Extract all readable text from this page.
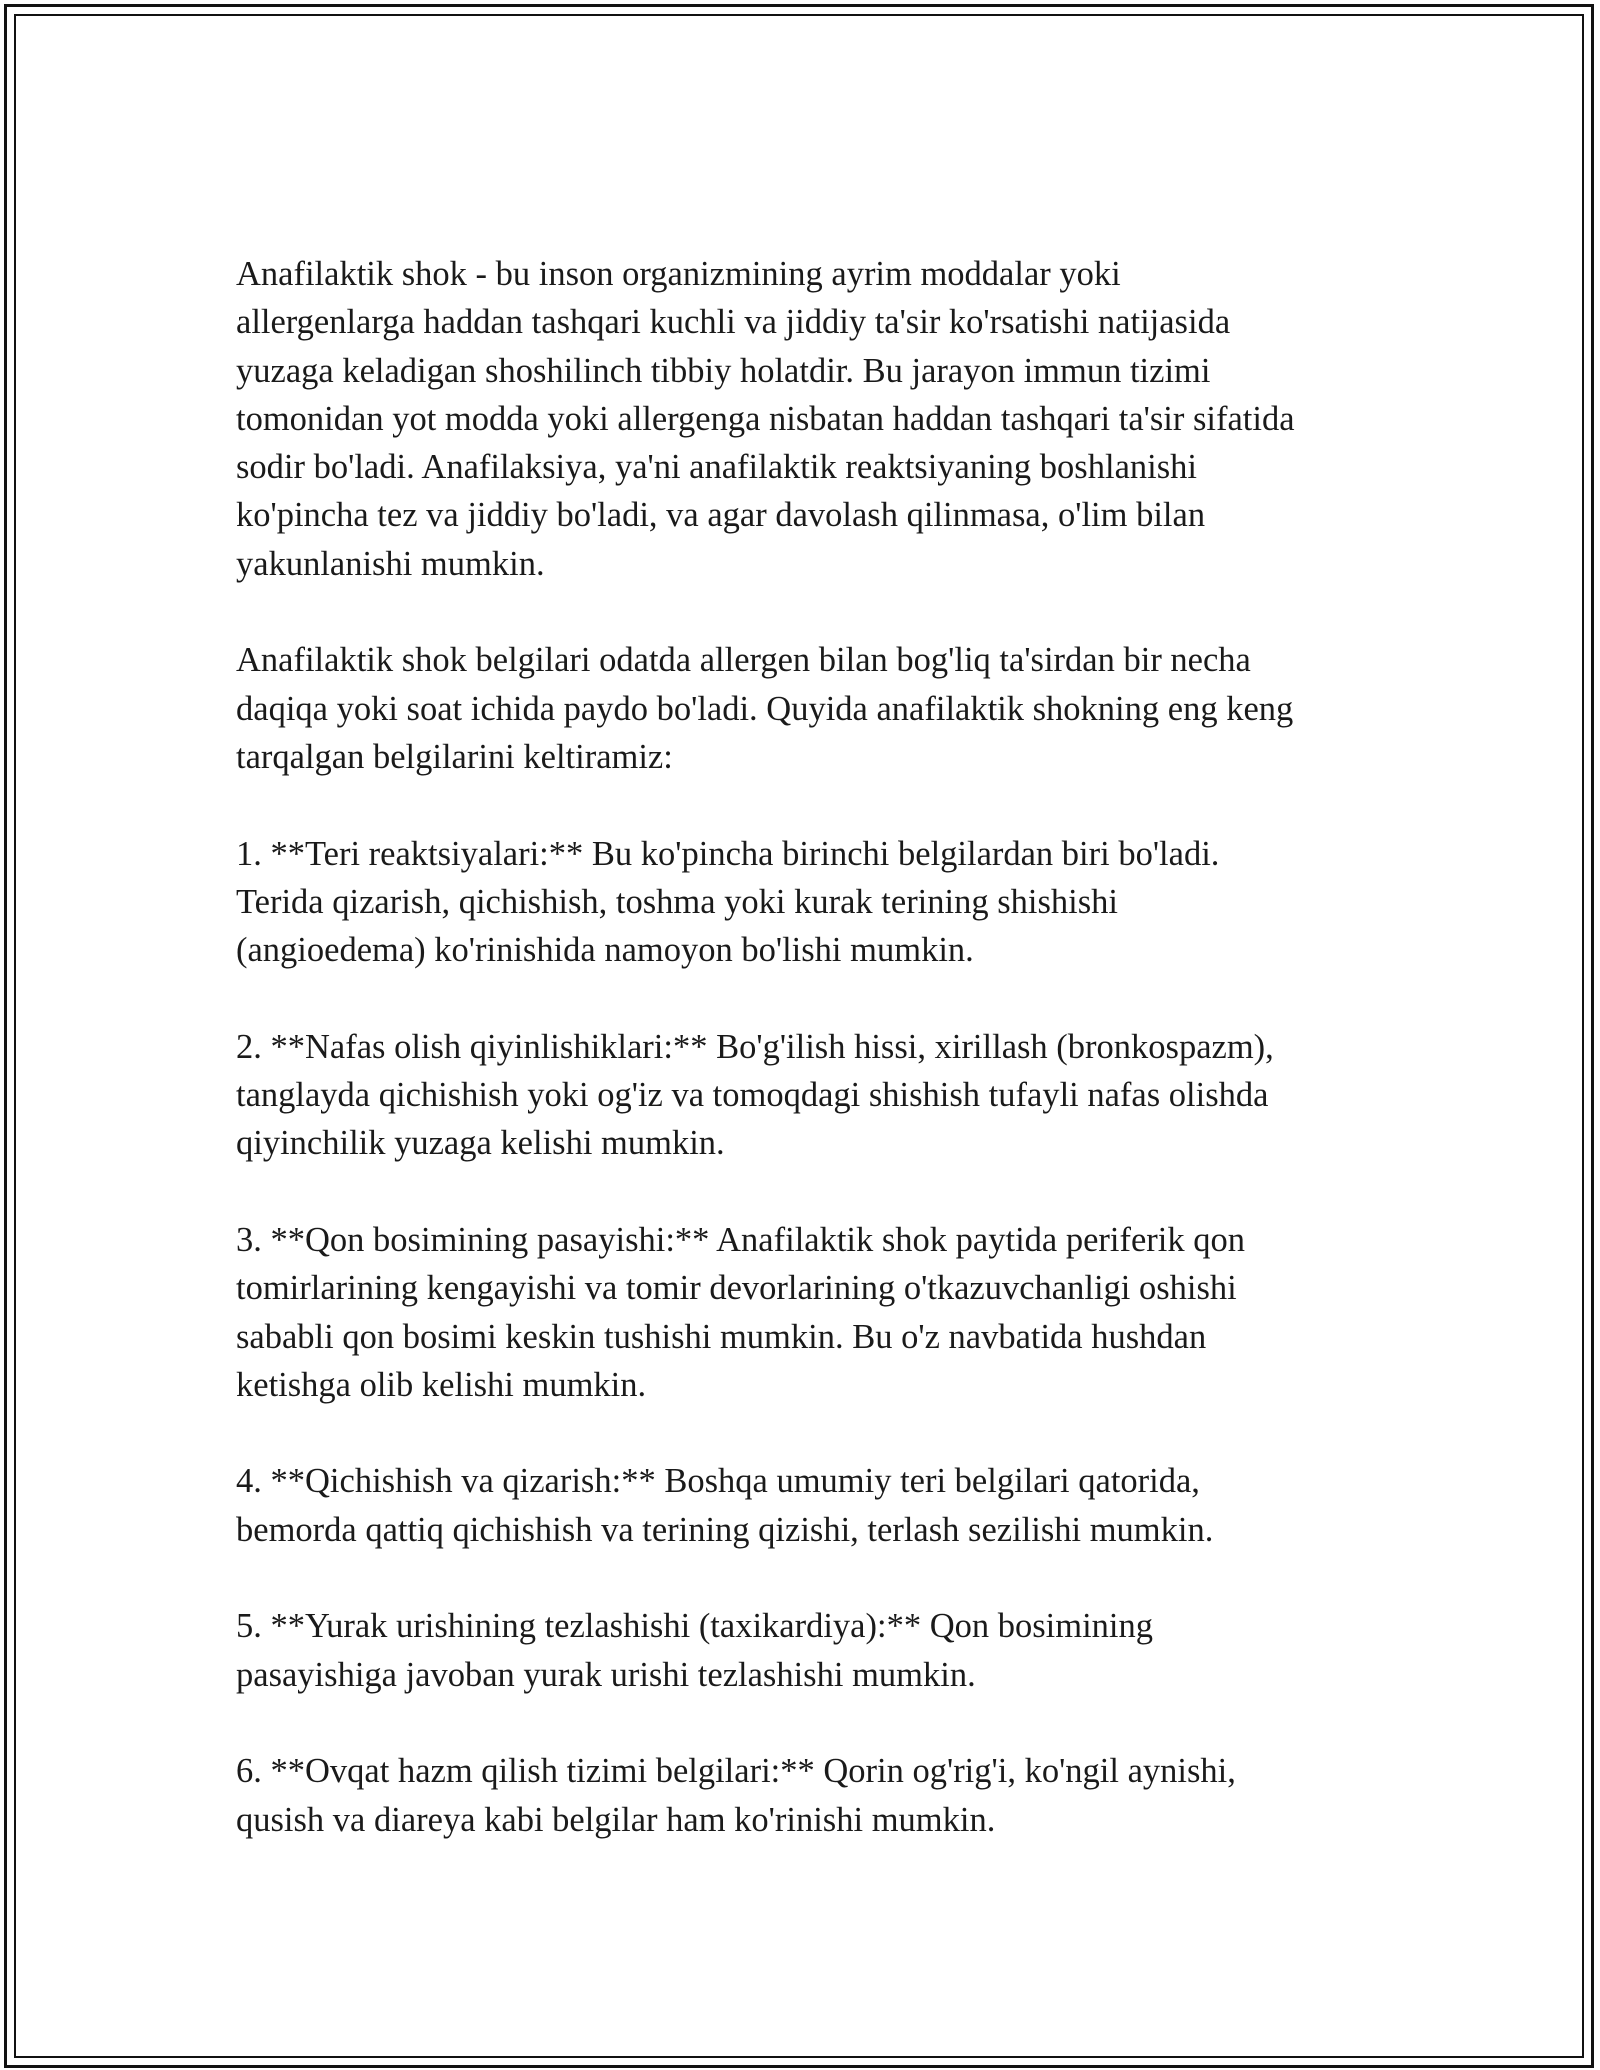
Anafilaktik shok - bu inson organizmining ayrim moddalar yoki
allergenlarga haddan tashqari kuchli va jiddiy ta'sir ko'rsatishi natijasida
yuzaga keladigan shoshilinch tibbiy holatdir. Bu jarayon immun tizimi
tomonidan yot modda yoki allergenga nisbatan haddan tashqari ta'sir sifatida
sodir bo'ladi. Anafilaksiya, ya'ni anafilaktik reaktsiyaning boshlanishi
ko'pincha tez va jiddiy bo'ladi, va agar davolash qilinmasa, o'lim bilan
yakunlanishi mumkin.

Anafilaktik shok belgilari odatda allergen bilan bog'liq ta'sirdan bir necha
daqiqa yoki soat ichida paydo bo'ladi. Quyida anafilaktik shokning eng keng
tarqalgan belgilarini keltiramiz:

1. **Teri reaktsiyalari:** Bu ko'pincha birinchi belgilardan biri bo'ladi.
Terida qizarish, qichishish, toshma yoki kurak terining shishishi
(angioedema) ko'rinishida namoyon bo'lishi mumkin.

2. **Nafas olish qiyinlishiklari:** Bo'g'ilish hissi, xirillash (bronkospazm),
tanglayda qichishish yoki og'iz va tomoqdagi shishish tufayli nafas olishda
qiyinchilik yuzaga kelishi mumkin.

3. **Qon bosimining pasayishi:** Anafilaktik shok paytida periferik qon
tomirlarining kengayishi va tomir devorlarining o'tkazuvchanligi oshishi
sababli qon bosimi keskin tushishi mumkin. Bu o'z navbatida hushdan
ketishga olib kelishi mumkin.

4. **Qichishish va qizarish:** Boshqa umumiy teri belgilari qatorida,
bemorda qattiq qichishish va terining qizishi, terlash sezilishi mumkin.

5. **Yurak urishining tezlashishi (taxikardiya):** Qon bosimining
pasayishiga javoban yurak urishi tezlashishi mumkin.

6. **Ovqat hazm qilish tizimi belgilari:** Qorin og'rig'i, ko'ngil aynishi,
qusish va diareya kabi belgilar ham ko'rinishi mumkin.
